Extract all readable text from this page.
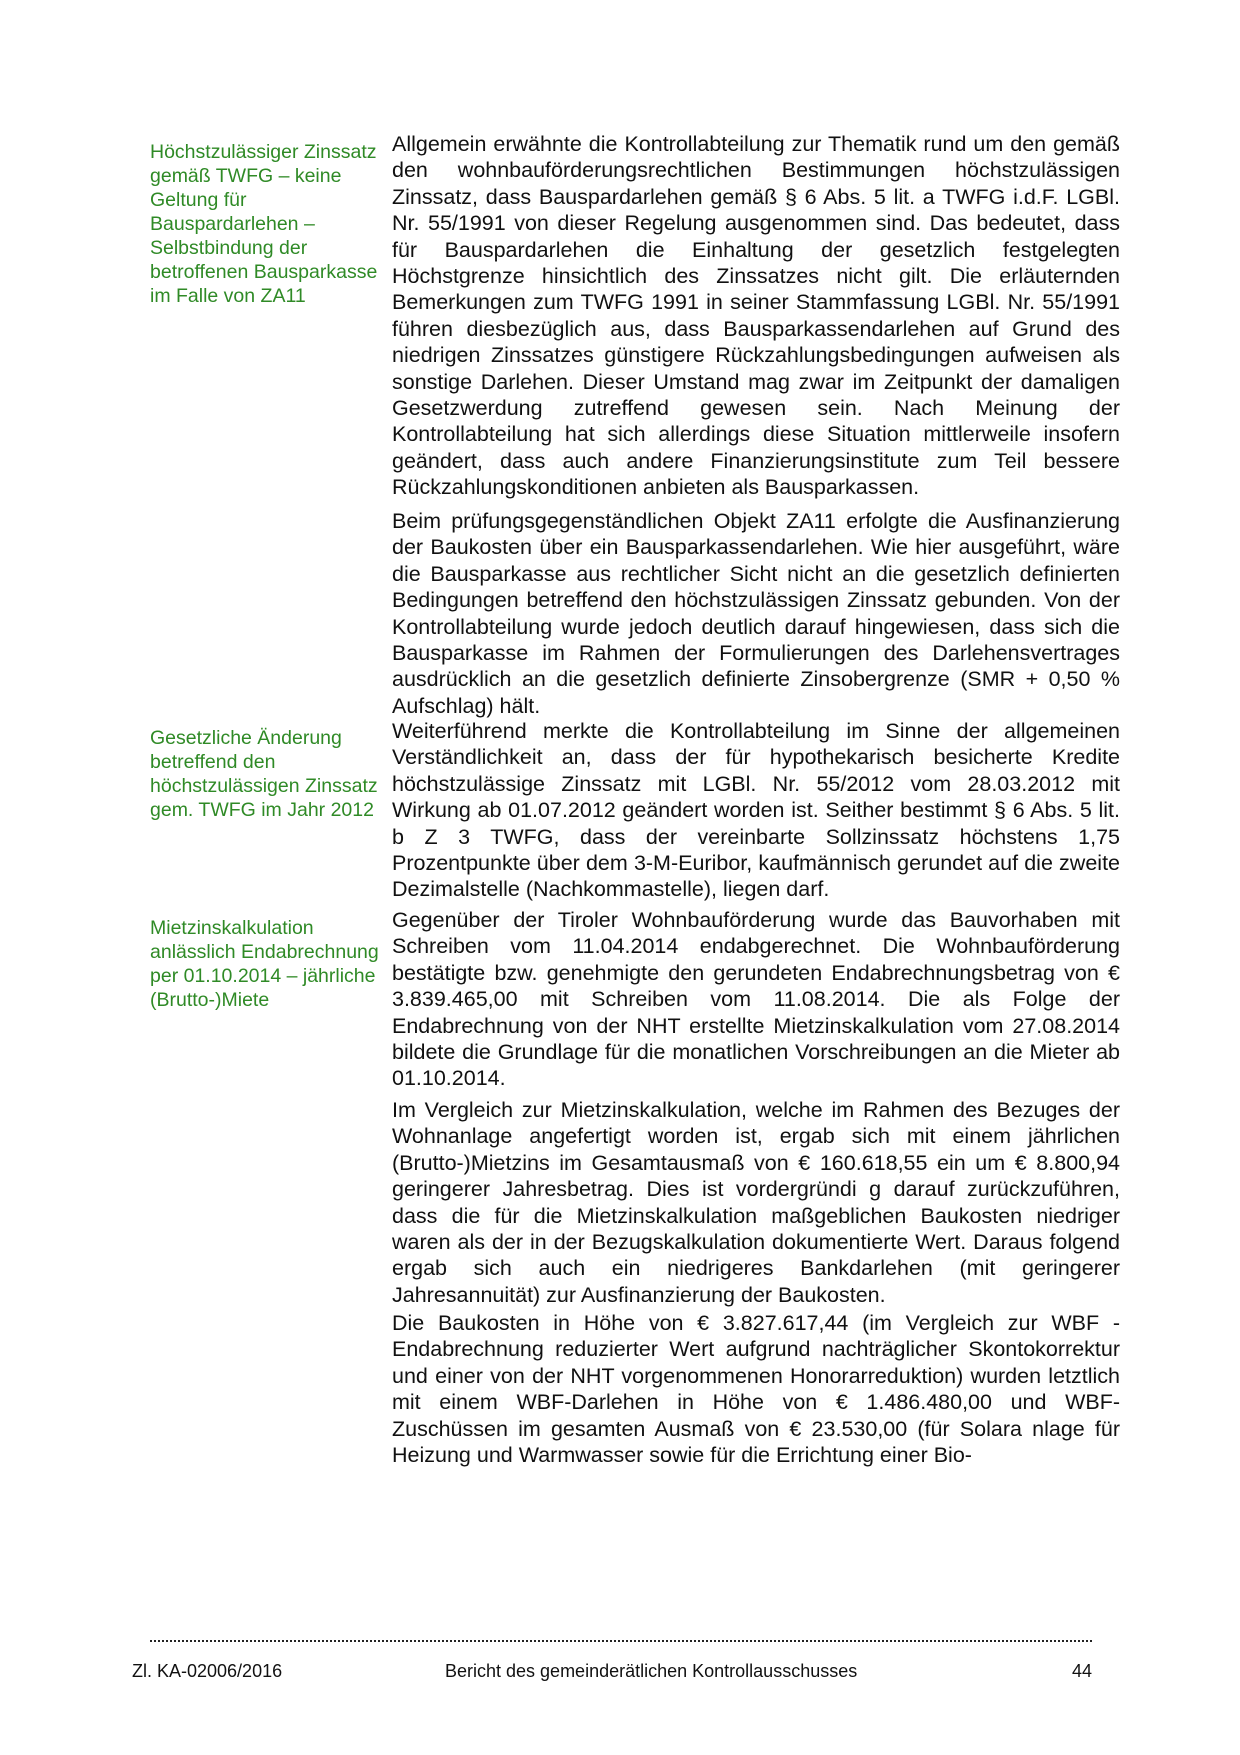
Höchstzulässiger Zinssatz gemäß TWFG – keine Geltung für Bauspardarlehen – Selbstbindung der betroffenen Bausparkasse im Falle von ZA11
Gesetzliche Änderung betreffend den höchstzulässigen Zinssatz gem. TWFG im Jahr 2012
Mietzinskalkulation anlässlich Endabrechnung per 01.10.2014 – jährliche (Brutto-)Miete

Allgemein erwähnte die Kontrollabteilung zur Thematik rund um den gemäß den wohnbauförderungsrechtlichen Bestimmungen höchstzulässigen Zinssatz, dass Bauspardarlehen gemäß § 6 Abs. 5 lit. a TWFG i.d.F. LGBl. Nr. 55/1991 von dieser Regelung ausgenommen sind. Das bedeutet, dass für Bauspardarlehen die Einhaltung der gesetzlich festgelegten Höchstgrenze hinsichtlich des Zinssatzes nicht gilt. Die erläuternden Bemerkungen zum TWFG 1991 in seiner Stammfassung LGBl. Nr. 55/1991 führen diesbezüglich aus, dass Bausparkassendarlehen auf Grund des niedrigen Zinssatzes günstigere Rückzahlungsbedingungen aufweisen als sonstige Darlehen. Dieser Umstand mag zwar im Zeitpunkt der damaligen Gesetzwerdung zutreffend gewesen sein. Nach Meinung der Kontrollabteilung hat sich allerdings diese Situation mittlerweile insofern geändert, dass auch andere Finanzierungsinstitute zum Teil bessere Rückzahlungskonditionen anbieten als Bausparkassen.

Beim prüfungsgegenständlichen Objekt ZA11 erfolgte die Ausfinanzierung der Baukosten über ein Bausparkassendarlehen. Wie hier ausgeführt, wäre die Bausparkasse aus rechtlicher Sicht nicht an die gesetzlich definierten Bedingungen betreffend den höchstzulässigen Zinssatz gebunden. Von der Kontrollabteilung wurde jedoch deutlich darauf hingewiesen, dass sich die Bausparkasse im Rahmen der Formulierungen des Darlehensvertrages ausdrücklich an die gesetzlich definierte Zinsobergrenze (SMR + 0,50 % Aufschlag) hält.

Weiterführend merkte die Kontrollabteilung im Sinne der allgemeinen Verständlichkeit an, dass der für hypothekarisch besicherte Kredite höchstzulässige Zinssatz mit LGBl. Nr. 55/2012 vom 28.03.2012 mit Wirkung ab 01.07.2012 geändert worden ist. Seither bestimmt § 6 Abs. 5 lit. b Z 3 TWFG, dass der vereinbarte Sollzinssatz höchstens 1,75 Prozentpunkte über dem 3-M-Euribor, kaufmännisch gerundet auf die zweite Dezimalstelle (Nachkommastelle), liegen darf.

Gegenüber der Tiroler Wohnbauförderung wurde das Bauvorhaben mit Schreiben vom 11.04.2014 endabgerechnet. Die Wohnbauförderung bestätigte bzw. genehmigte den gerundeten Endabrechnungsbetrag von € 3.839.465,00 mit Schreiben vom 11.08.2014. Die als Folge der Endabrechnung von der NHT erstellte Mietzinskalkulation vom 27.08.2014 bildete die Grundlage für die monatlichen Vorschreibungen an die Mieter ab 01.10.2014.

Im Vergleich zur Mietzinskalkulation, welche im Rahmen des Bezuges der Wohnanlage angefertigt worden ist, ergab sich mit einem jährlichen (Brutto-)Mietzins im Gesamtausmaß von € 160.618,55 ein um € 8.800,94 geringerer Jahresbetrag. Dies ist vordergründi g darauf zurückzuführen, dass die für die Mietzinskalkulation maßgeblichen Baukosten niedriger waren als der in der Bezugskalkulation dokumentierte Wert. Daraus folgend ergab sich auch ein niedrigeres Bankdarlehen (mit geringerer Jahresannuität) zur Ausfinanzierung der Baukosten.

Die Baukosten in Höhe von € 3.827.617,44 (im Vergleich zur WBF - Endabrechnung reduzierter Wert aufgrund nachträglicher Skontokorrektur und einer von der NHT vorgenommenen Honorarreduktion) wurden letztlich mit einem WBF-Darlehen in Höhe von € 1.486.480,00 und WBF-Zuschüssen im gesamten Ausmaß von € 23.530,00 (für Solara nlage für Heizung und Warmwasser sowie für die Errichtung einer Bio-

Zl. KA-02006/2016	Bericht des gemeinderätlichen Kontrollausschusses	44
